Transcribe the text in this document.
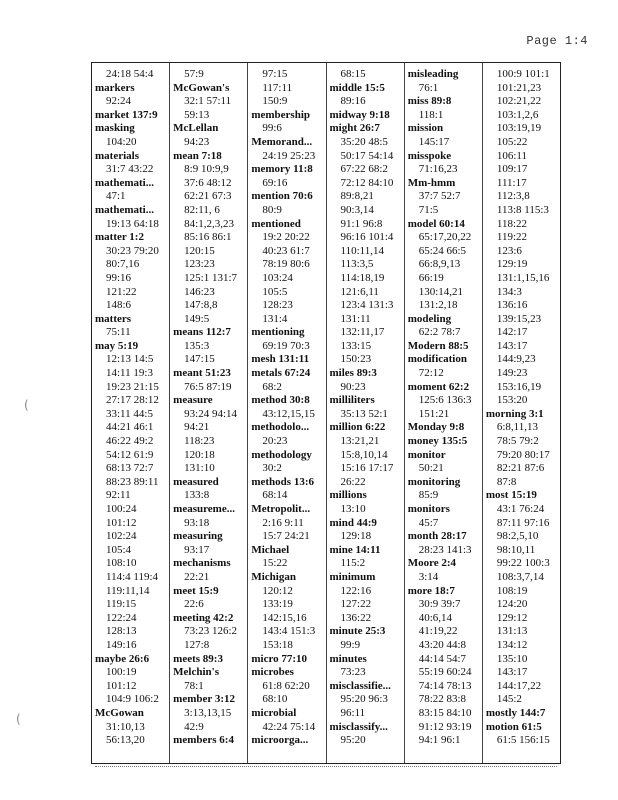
Page 1:4
24:18 54:4
markers
92:24
market 137:9
masking
104:20
materials
31:7 43:22
mathemati...
47:1
mathemati...
19:13 64:18
matter 1:2
30:23 79:20
80:7,16
99:16
121:22
148:6
matters
75:11
may 5:19
12:13 14:5
14:11 19:3
19:23 21:15
27:17 28:12
33:11 44:5
44:21 46:1
46:22 49:2
54:12 61:9
68:13 72:7
88:23 89:11
92:11
100:24
101:12
102:24
105:4
108:10
114:4 119:4
119:11,14
119:15
122:24
128:13
149:16
maybe 26:6
100:19
101:12
104:9 106:2
McGowan
31:10,13
56:13,20
57:9
McGowan's
32:1 57:11
59:13
McLellan
94:23
mean 7:18
8:9 10:9,9
37:6 48:12
62:21 67:3
82:11, 6
84:1,2,3,23
85:16 86:1
120:15
123:23
125:1 131:7
146:23
147:8,8
149:5
means 112:7
135:3
147:15
meant 51:23
76:5 87:19
measure
93:24 94:14
94:21
118:23
120:18
131:10
measured
133:8
measureme...
93:18
measuring
93:17
mechanisms
22:21
meet 15:9
22:6
meeting 42:2
73:23 126:2
127:8
meets 89:3
Melchin's
78:1
member 3:12
3:13,13,15
42:9
members 6:4
97:15
117:11
150:9
membership
99:6
Memorand...
24:19 25:23
memory 11:8
69:16
mention 70:6
80:9
mentioned
19:2 20:22
40:23 61:7
78:19 80:6
103:24
105:5
128:23
131:4
mentioning
69:19 70:3
mesh 131:11
metals 67:24
68:2
method 30:8
43:12,15,15
methodolo...
20:23
methodology
30:2
methods 13:6
68:14
Metropolit...
2:16 9:11
15:7 24:21
Michael
15:22
Michigan
120:12
133:19
142:15,16
143:4 151:3
153:18
micro 77:10
microbes
61:8 62:20
68:10
microbial
42:24 75:14
microorga...
68:15
middle 15:5
89:16
midway 9:18
might 26:7
35:20 48:5
50:17 54:14
67:22 68:2
72:12 84:10
89:8,21
90:3,14
91:1 96:8
96:16 101:4
110:11,14
113:3,5
114:18,19
121:6,11
123:4 131:3
131:11
132:11,17
133:15
150:23
miles 89:3
90:23
milliliters
35:13 52:1
million 6:22
13:21,21
15:8,10,14
15:16 17:17
26:22
millions
13:10
mind 44:9
129:18
mine 14:11
115:2
minimum
122:16
127:22
136:22
minute 25:3
99:9
minutes
73:23
misclassifie...
95:20 96:3
96:11
misclassify...
95:20
misleading
76:1
miss 89:8
118:1
mission
145:17
misspoke
71:16,23
Mm-hmm
37:7 52:7
71:5
model 60:14
65:17,20,22
65:24 66:5
66:8,9,13
66:19
130:14,21
131:2,18
modeling
62:2 78:7
Modern 88:5
modification
72:12
moment 62:2
125:6 136:3
151:21
Monday 9:8
money 135:5
monitor
50:21
monitoring
85:9
monitors
45:7
month 28:17
28:23 141:3
Moore 2:4
3:14
more 18:7
30:9 39:7
40:6,14
41:19,22
43:20 44:8
44:14 54:7
55:19 60:24
74:14 78:13
78:22 83:8
83:15 84:10
91:12 93:19
94:1 96:1
100:9 101:1
101:21,23
102:21,22
103:1,2,6
103:19,19
105:22
106:11
109:17
111:17
112:3,8
113:8 115:3
118:22
119:22
123:6
129:19
131:1,15,16
134:3
136:16
139:15,23
142:17
143:17
144:9,23
149:23
153:16,19
153:20
morning 3:1
6:8,11,13
78:5 79:2
79:20 80:17
82:21 87:6
87:8
most 15:19
43:1 76:24
87:11 97:16
98:2,5,10
98:10,11
99:22 100:3
108:3,7,14
108:19
124:20
129:12
131:13
134:12
135:10
143:17
144:17,22
145:2
mostly 144:7
motion 61:5
61:5 156:15
(
(
